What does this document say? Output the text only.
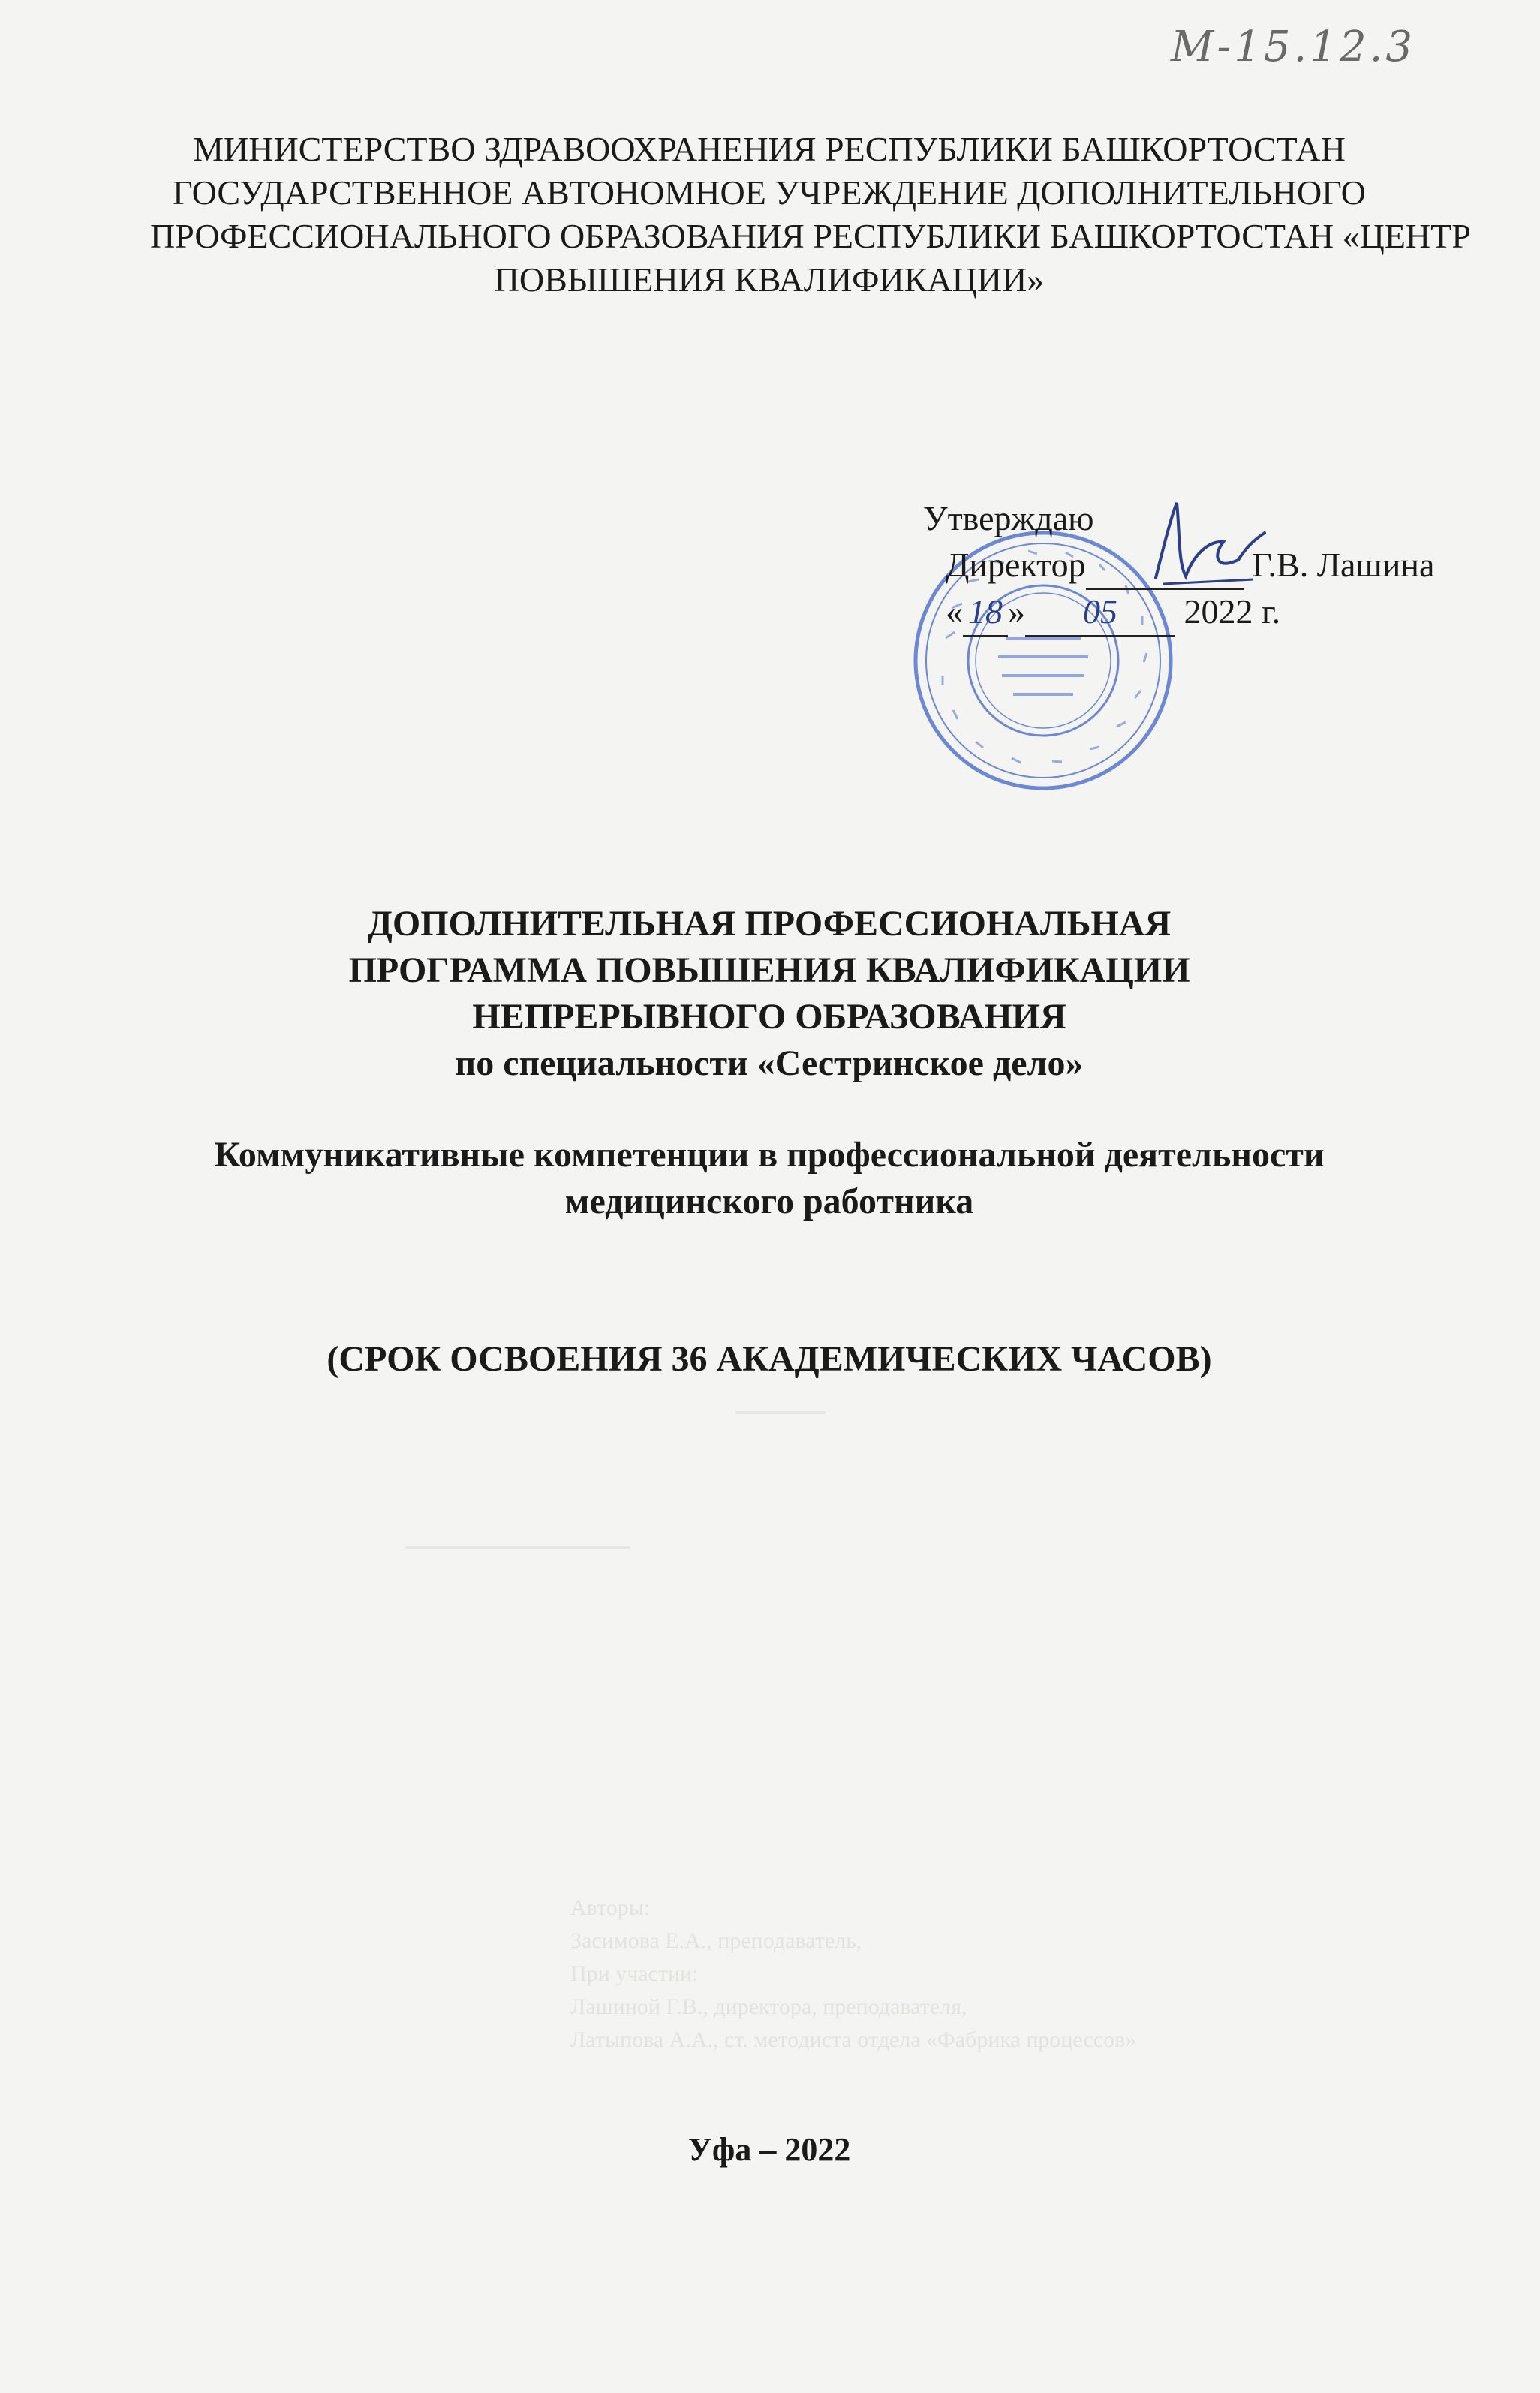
М-15.12.3
МИНИСТЕРСТВО ЗДРАВООХРАНЕНИЯ РЕСПУБЛИКИ БАШКОРТОСТАН
ГОСУДАРСТВЕННОЕ АВТОНОМНОЕ УЧРЕЖДЕНИЕ ДОПОЛНИТЕЛЬНОГО
ПРОФЕССИОНАЛЬНОГО ОБРАЗОВАНИЯ РЕСПУБЛИКИ БАШКОРТОСТАН «ЦЕНТР
ПОВЫШЕНИЯ КВАЛИФИКАЦИИ»
Утверждаю
Директор	Г.В. Лашина
« 18 » 05 2022 г.
ДОПОЛНИТЕЛЬНАЯ ПРОФЕССИОНАЛЬНАЯ
ПРОГРАММА ПОВЫШЕНИЯ КВАЛИФИКАЦИИ
НЕПРЕРЫВНОГО ОБРАЗОВАНИЯ
по специальности «Сестринское дело»
Коммуникативные компетенции в профессиональной деятельности
медицинского работника
(СРОК ОСВОЕНИЯ 36 АКАДЕМИЧЕСКИХ ЧАСОВ)
Авторы:
Засимова Е.А., преподаватель,
При участии:
Лашиной Г.В., директора, преподавателя,
Латыпова А.А., ст. методиста отдела «Фабрика процессов»
Уфа – 2022
